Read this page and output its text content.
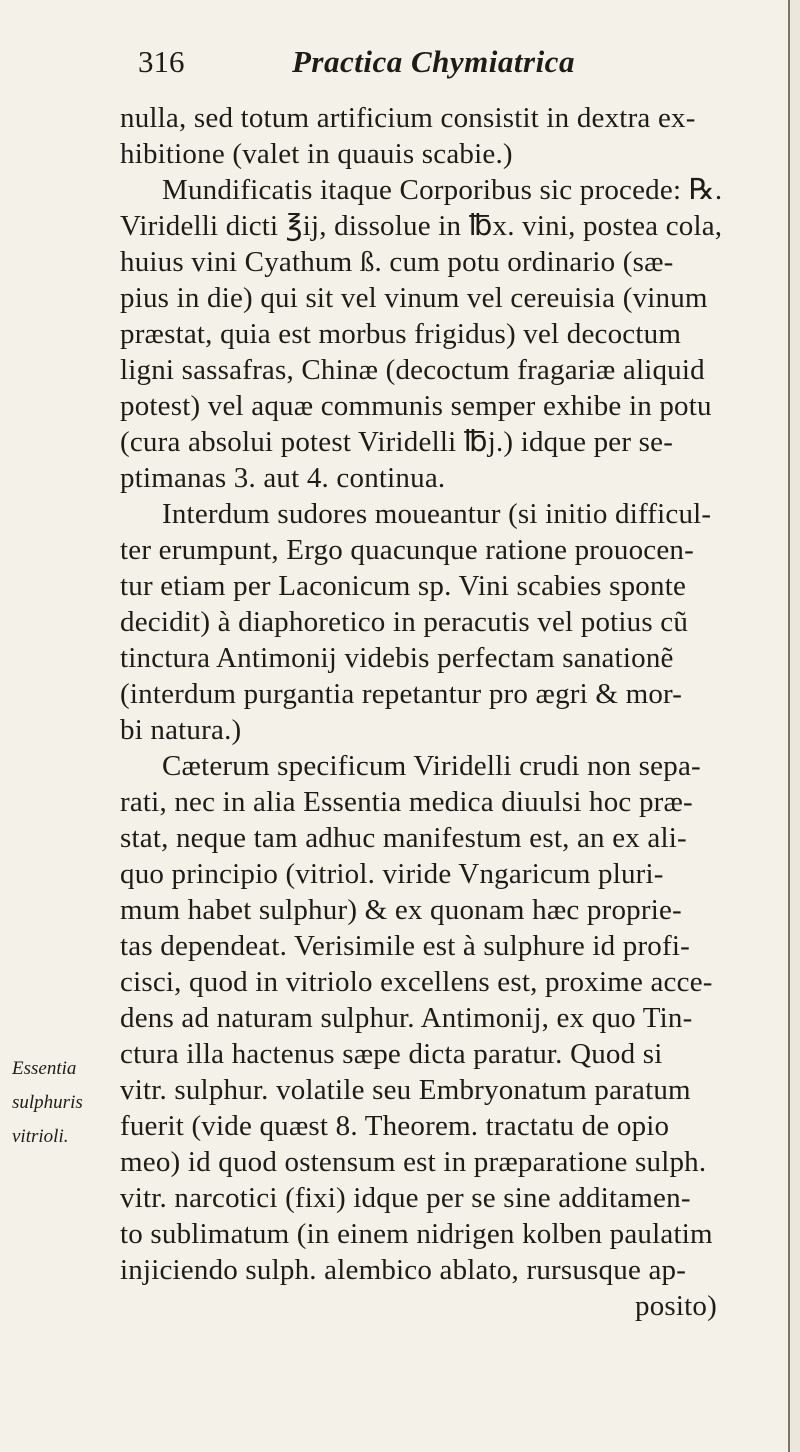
316	Practica Chymiatrica
Essentia
sulphuris
vitrioli.
nulla, sed totum artificium consistit in dextra ex-
hibitione (valet in quauis scabie.)
Mundificatis itaque Corporibus sic procede: ℞.
Viridelli dicti ℥ij, dissolue in ℔x. vini, postea cola,
huius vini Cyathum ß. cum potu ordinario (sæ-
pius in die) qui sit vel vinum vel cereuisia (vinum
præstat, quia est morbus frigidus) vel decoctum
ligni sassafras, Chinæ (decoctum fragariæ aliquid
potest) vel aquæ communis semper exhibe in potu
(cura absolui potest Viridelli ℔j.) idque per se-
ptimanas 3. aut 4. continua.
Interdum sudores moueantur (si initio difficul-
ter erumpunt, Ergo quacunque ratione prouocen-
tur etiam per Laconicum sp. Vini scabies sponte
decidit) à diaphoretico in peracutis vel potius cũ
tinctura Antimonij videbis perfectam sanationẽ
(interdum purgantia repetantur pro ægri & mor-
bi natura.)
Cæterum specificum Viridelli crudi non sepa-
rati, nec in alia Essentia medica diuulsi hoc præ-
stat, neque tam adhuc manifestum est, an ex ali-
quo principio (vitriol. viride Vngaricum pluri-
mum habet sulphur) & ex quonam hæc proprie-
tas dependeat. Verisimile est à sulphure id profi-
cisci, quod in vitriolo excellens est, proxime acce-
dens ad naturam sulphur. Antimonij, ex quo Tin-
ctura illa hactenus sæpe dicta paratur. Quod si
vitr. sulphur. volatile seu Embryonatum paratum
fuerit (vide quæst 8. Theorem. tractatu de opio
meo) id quod ostensum est in præparatione sulph.
vitr. narcotici (fixi) idque per se sine additamen-
to sublimatum (in einem nidrigen kolben paulatim
injiciendo sulph. alembico ablato, rursusque ap-
posito)
